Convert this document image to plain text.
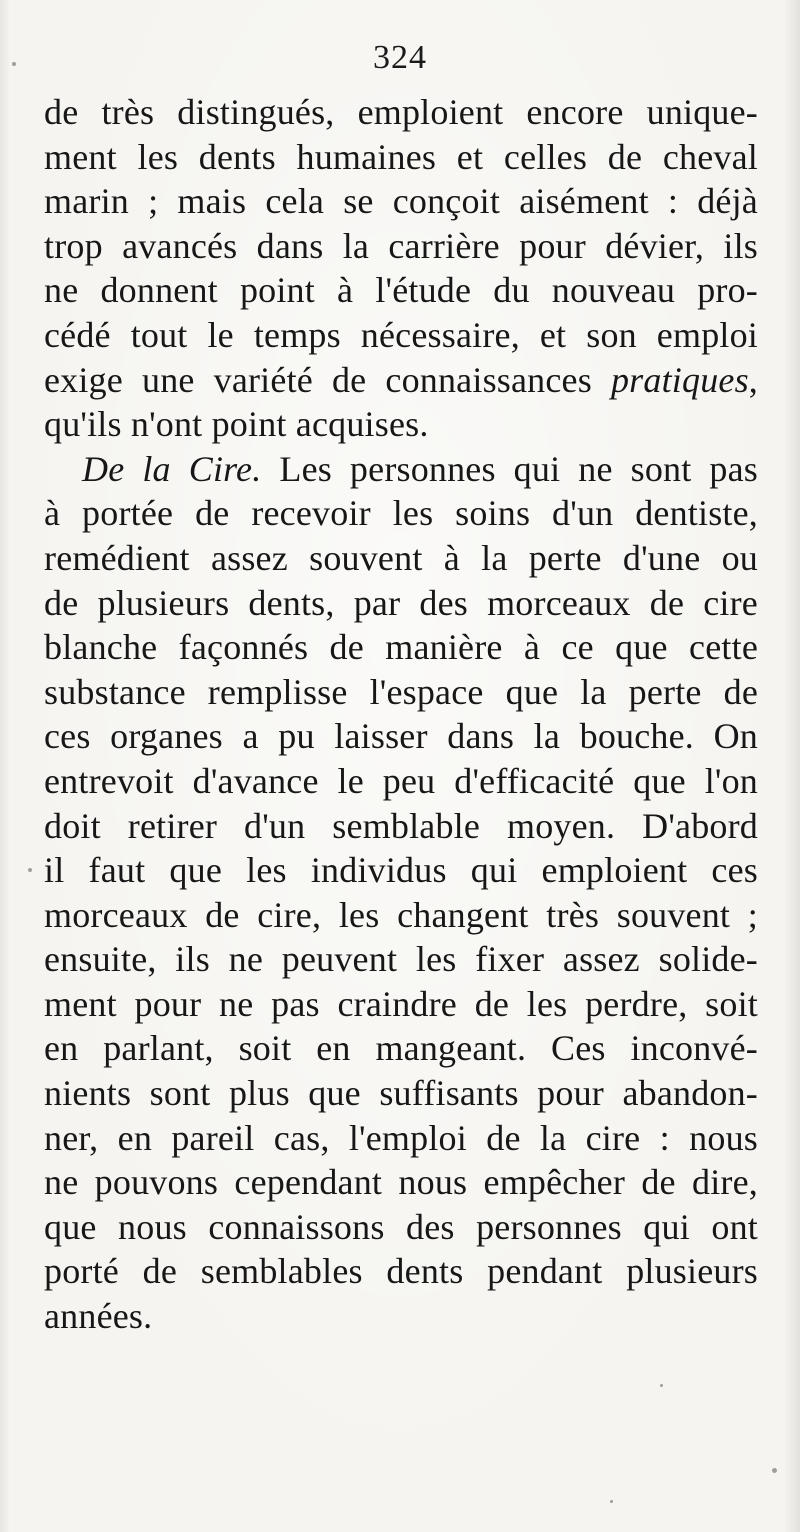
324
de très distingués, emploient encore unique-
ment les dents humaines et celles de cheval
marin ; mais cela se conçoit aisément : déjà
trop avancés dans la carrière pour dévier, ils
ne donnent point à l'étude du nouveau pro-
cédé tout le temps nécessaire, et son emploi
exige une variété de connaissances pratiques,
qu'ils n'ont point acquises.
De la Cire. Les personnes qui ne sont pas
à portée de recevoir les soins d'un dentiste,
remédient assez souvent à la perte d'une ou
de plusieurs dents, par des morceaux de cire
blanche façonnés de manière à ce que cette
substance remplisse l'espace que la perte de
ces organes a pu laisser dans la bouche. On
entrevoit d'avance le peu d'efficacité que l'on
doit retirer d'un semblable moyen. D'abord
il faut que les individus qui emploient ces
morceaux de cire, les changent très souvent ;
ensuite, ils ne peuvent les fixer assez solide-
ment pour ne pas craindre de les perdre, soit
en parlant, soit en mangeant. Ces inconvé-
nients sont plus que suffisants pour abandon-
ner, en pareil cas, l'emploi de la cire : nous
ne pouvons cependant nous empêcher de dire,
que nous connaissons des personnes qui ont
porté de semblables dents pendant plusieurs
années.
